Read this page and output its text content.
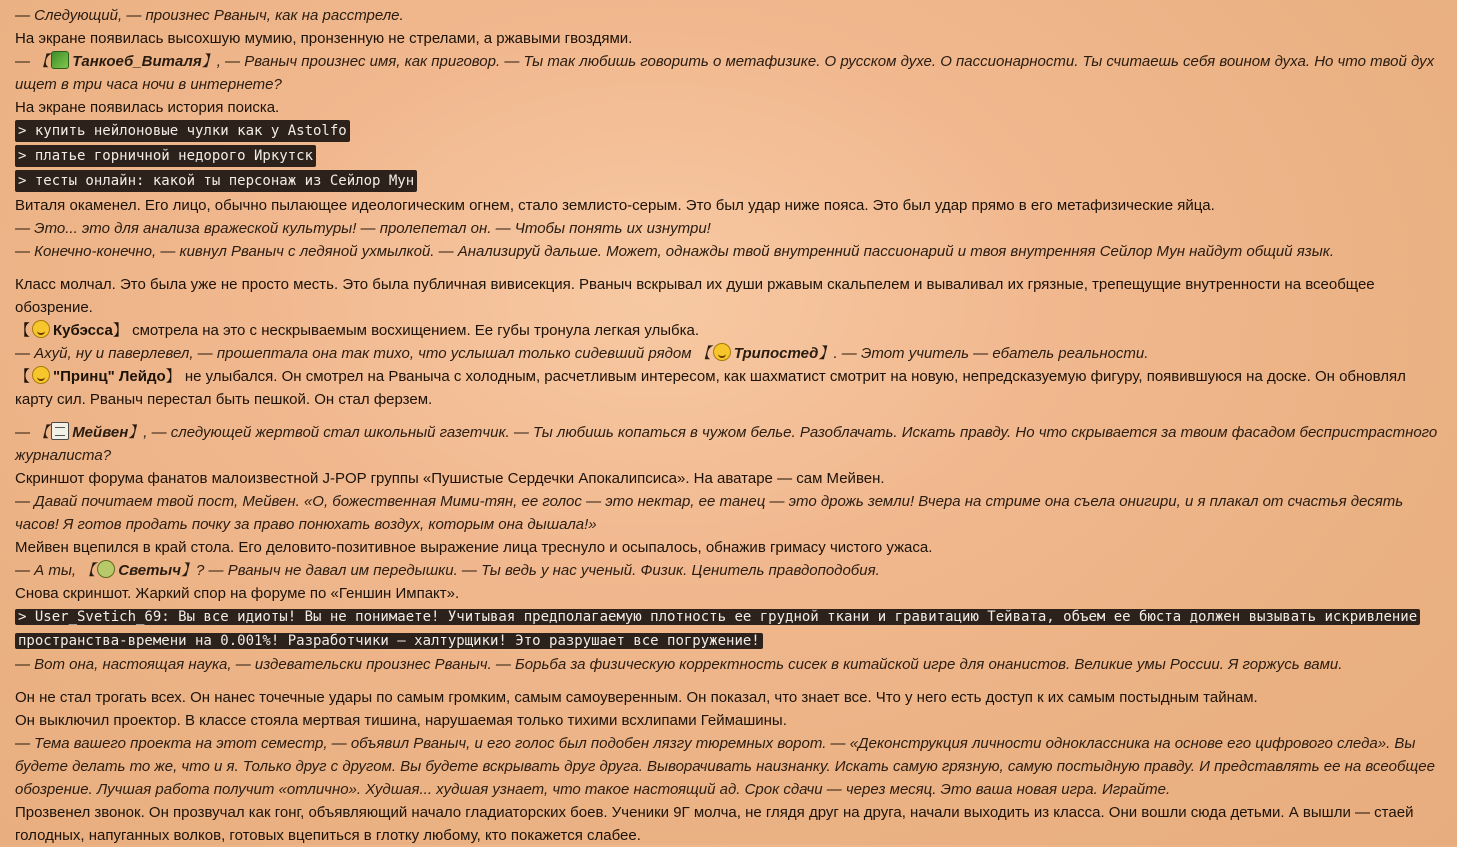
— Следующий, — произнес Рваныч, как на расстреле.

На экране появилась высохшую мумию, пронзенную не стрелами, а ржавыми гвоздями.

— 【 Танкоеб_Виталя】, — Рваныч произнес имя, как приговор. — Ты так любишь говорить о метафизике. О русском духе. О пассионарности. Ты считаешь себя воином духа. Но что твой дух ищет в три часа ночи в интернете?

На экране появилась история поиска.

> купить нейлоновые чулки как у Astolfo
> платье горничной недорого Иркутск
> тесты онлайн: какой ты персонаж из Сейлор Мун

Виталя окаменел. Его лицо, обычно пылающее идеологическим огнем, стало землисто-серым. Это был удар ниже пояса. Это был удар прямо в его метафизические яйца.

— Это... это для анализа вражеской культуры! — пролепетал он. — Чтобы понять их изнутри!

— Конечно-конечно, — кивнул Рваныч с ледяной ухмылкой. — Анализируй дальше. Может, однажды твой внутренний пассионарий и твоя внутренняя Сейлор Мун найдут общий язык.

Класс молчал. Это была уже не просто месть. Это была публичная вивисекция. Рваныч вскрывал их души ржавым скальпелем и вываливал их грязные, трепещущие внутренности на всеобщее обозрение.

【 Кубэсса】 смотрела на это с нескрываемым восхищением. Ее губы тронула легкая улыбка.

— Ахуй, ну и паверлевел, — прошептала она так тихо, что услышал только сидевший рядом 【 Трипостед】. — Этот учитель — ебатель реальности.

【 "Принц" Лейдо】 не улыбался. Он смотрел на Рваныча с холодным, расчетливым интересом, как шахматист смотрит на новую, непредсказуемую фигуру, появившуюся на доске. Он обновлял карту сил. Рваныч перестал быть пешкой. Он стал ферзем.

— 【 Мейвен】, — следующей жертвой стал школьный газетчик. — Ты любишь копаться в чужом белье. Разоблачать. Искать правду. Но что скрывается за твоим фасадом беспристрастного журналиста?

Скриншот форума фанатов малоизвестной J-POP группы «Пушистые Сердечки Апокалипсиса». На аватаре — сам Мейвен.

— Давай почитаем твой пост, Мейвен. «О, божественная Мими-тян, ее голос — это нектар, ее танец — это дрожь земли! Вчера на стриме она съела онигири, и я плакал от счастья десять часов! Я готов продать почку за право понюхать воздух, которым она дышала!»

Мейвен вцепился в край стола. Его деловито-позитивное выражение лица треснуло и осыпалось, обнажив гримасу чистого ужаса.

— А ты, 【 Светыч】? — Рваныч не давал им передышки. — Ты ведь у нас ученый. Физик. Ценитель правдоподобия.

Снова скриншот. Жаркий спор на форуме по «Геншин Импакт».

> User_Svetich_69: Вы все идиоты! Вы не понимаете! Учитывая предполагаемую плотность ее грудной ткани и гравитацию Тейвата, объем ее бюста должен вызывать искривление пространства-времени на 0.001%! Разработчики — халтурщики! Это разрушает все погружение!

— Вот она, настоящая наука, — издевательски произнес Рваныч. — Борьба за физическую корректность сисек в китайской игре для онанистов. Великие умы России. Я горжусь вами.

Он не стал трогать всех. Он нанес точечные удары по самым громким, самым самоуверенным. Он показал, что знает все. Что у него есть доступ к их самым постыдным тайнам.

Он выключил проектор. В классе стояла мертвая тишина, нарушаемая только тихими всхлипами Геймашины.

— Тема вашего проекта на этот семестр, — объявил Рваныч, и его голос был подобен лязгу тюремных ворот. — «Деконструкция личности одноклассника на основе его цифрового следа». Вы будете делать то же, что и я. Только друг с другом. Вы будете вскрывать друг друга. Выворачивать наизнанку. Искать самую грязную, самую постыдную правду. И представлять ее на всеобщее обозрение. Лучшая работа получит «отлично». Худшая... худшая узнает, что такое настоящий ад. Срок сдачи — через месяц. Это ваша новая игра. Играйте.

Прозвенел звонок. Он прозвучал как гонг, объявляющий начало гладиаторских боев. Ученики 9Г молча, не глядя друг на друга, начали выходить из класса. Они вошли сюда детьми. А вышли — стаей голодных, напуганных волков, готовых вцепиться в глотку любому, кто покажется слабее.
